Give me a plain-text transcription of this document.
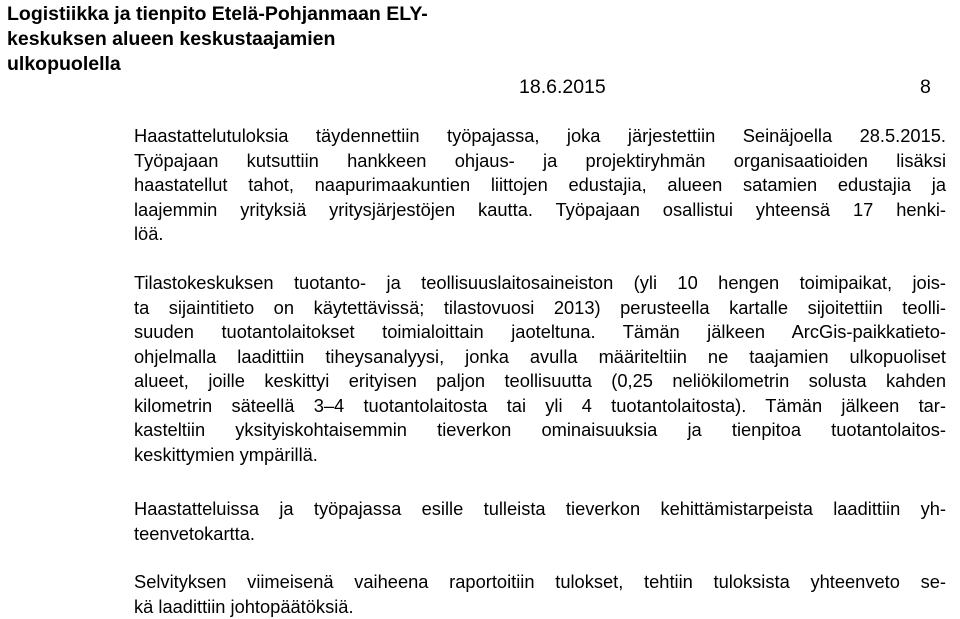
Logistiikka ja tienpito Etelä-Pohjanmaan ELY-
keskuksen alueen keskustaajamien
ulkopuolella
18.6.2015	8
Haastattelutuloksia täydennettiin työpajassa, joka järjestettiin Seinäjoella 28.5.2015.
Työpajaan kutsuttiin hankkeen ohjaus- ja projektiryhmän organisaatioiden lisäksi
haastatellut tahot, naapurimaakuntien liittojen edustajia, alueen satamien edustajia ja
laajemmin yrityksiä yritysjärjestöjen kautta. Työpajaan osallistui yhteensä 17 henki-
löä.
Tilastokeskuksen tuotanto- ja teollisuuslaitosaineiston (yli 10 hengen toimipaikat, jois-
ta sijaintitieto on käytettävissä; tilastovuosi 2013) perusteella kartalle sijoitettiin teolli-
suuden tuotantolaitokset toimialoittain jaoteltuna. Tämän jälkeen ArcGis-paikkatieto-
ohjelmalla laadittiin tiheysanalyysi, jonka avulla määriteltiin ne taajamien ulkopuoliset
alueet, joille keskittyi erityisen paljon teollisuutta (0,25 neliökilometrin solusta kahden
kilometrin säteellä 3–4 tuotantolaitosta tai yli 4 tuotantolaitosta). Tämän jälkeen tar-
kasteltiin yksityiskohtaisemmin tieverkon ominaisuuksia ja tienpitoa tuotantolaitos-
keskittymien ympärillä.
Haastatteluissa ja työpajassa esille tulleista tieverkon kehittämistarpeista laadittiin yh-
teenvetokartta.
Selvityksen viimeisenä vaiheena raportoitiin tulokset, tehtiin tuloksista yhteenveto se-
kä laadittiin johtopäätöksiä.
